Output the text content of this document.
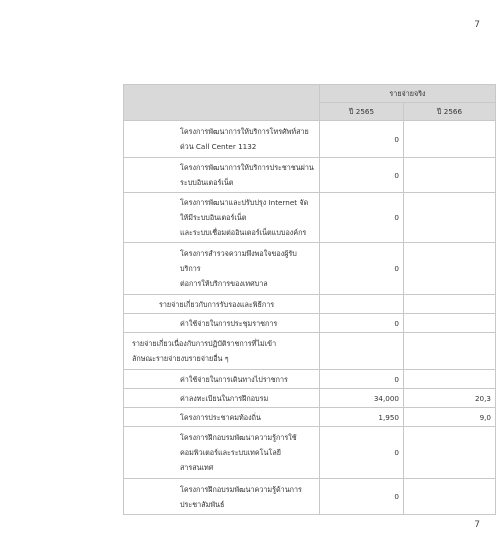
7
	รายจ่ายจริง	
	ปี 2565	ปี 2566

โครงการพัฒนาการให้บริการโทรศัพท์สาย
ด่วน Call Center 1132	0	

โครงการพัฒนาการให้บริการประชาชนผ่าน
ระบบอินเตอร์เน็ต	0	

โครงการพัฒนาและปรับปรุง Internet จัด
ให้มีระบบอินเตอร์เน็ต
และระบบเชื่อมต่ออินเตอร์เน็ตแบบองค์กร	0	

โครงการสำรวจความพึงพอใจของผู้รับ
บริการ
ต่อการให้บริการของเทศบาล	0	

รายจ่ายเกี่ยวกับการรับรองและพิธีการ		

ค่าใช้จ่ายในการประชุมราชการ	0	

รายจ่ายเกี่ยวเนื่องกับการปฏิบัติราชการที่ไม่เข้า
ลักษณะรายจ่ายงบรายจ่ายอื่น ๆ		

ค่าใช้จ่ายในการเดินทางไปราชการ	0	

ค่าลงทะเบียนในการฝึกอบรม	34,000	20,3

โครงการประชาคมท้องถิ่น	1,950	9,0

โครงการฝึกอบรมพัฒนาความรู้การใช้
คอมพิวเตอร์และระบบเทคโนโลยี
สารสนเทศ	0	

โครงการฝึกอบรมพัฒนาความรู้ด้านการ
ประชาสัมพันธ์	0	
7
